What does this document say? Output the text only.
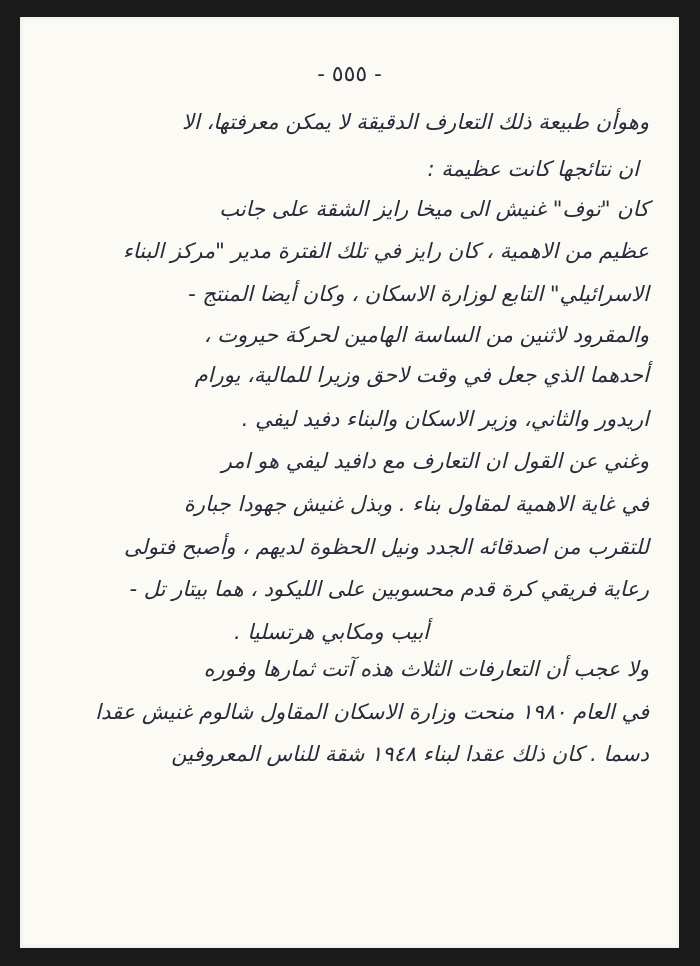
- ٥٥٥ -
وهوأن طبيعة ذلك التعارف الدقيقة لا يمكن معرفتها، الا
ان نتائجها كانت عظيمة :
كان "توف" غنيش الى ميخا رايز الشقة على جانب
عظيم من الاهمية ، كان رايز في تلك الفترة مدير "مركز البناء
الاسرائيلي" التابع لوزارة الاسكان ، وكان أيضا المنتج -
والمقرود لاثنين من الساسة الهامين لحركة حيروت ،
أحدهما الذي جعل في وقت لاحق وزيرا للمالية، يورام
اريدور والثاني، وزير الاسكان والبناء دفيد ليفي .
وغني عن القول ان التعارف مع دافيد ليفي هو امر
في غاية الاهمية لمقاول بناء . وبذل غنيش جهودا جبارة
للتقرب من اصدقائه الجدد ونيل الحظوة لديهم ، وأصبح فتولى
رعاية فريقي كرة قدم محسوبين على الليكود ، هما بيتار تل -
أبيب ومكابي هرتسليا .
ولا عجب أن التعارفات الثلاث هذه آتت ثمارها وفوره
في العام ١٩٨٠ منحت وزارة الاسكان المقاول شالوم غنيش عقدا
دسما . كان ذلك عقدا لبناء ١٩٤٨ شقة للناس المعروفين
